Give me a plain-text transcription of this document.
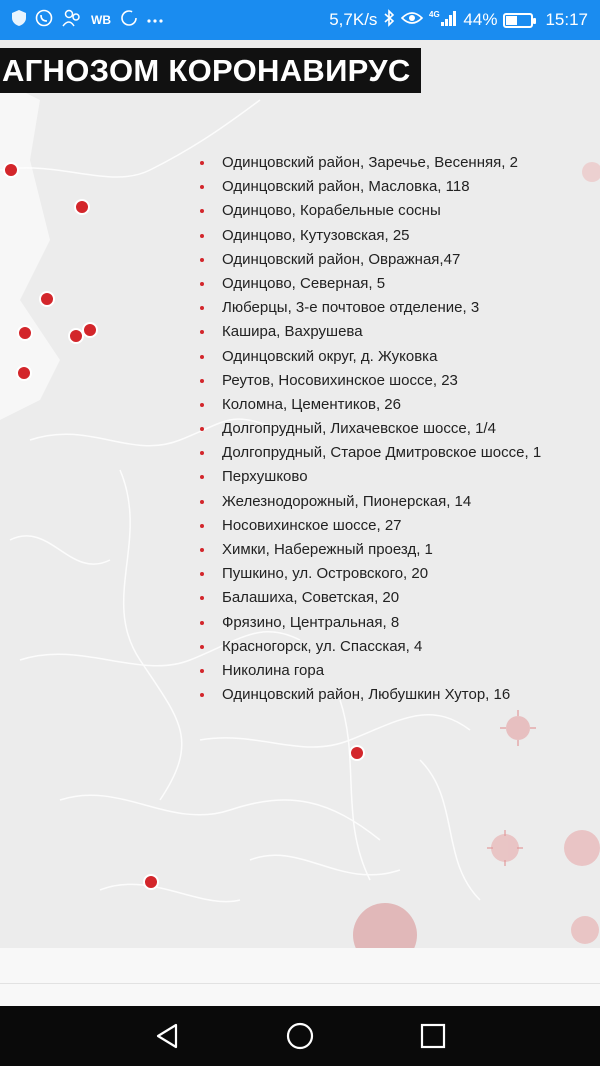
WB	5,7K/s	4G 44%	15:17
АГНОЗОМ КОРОНАВИРУС
Одинцовский район, Заречье, Весенняя, 2
Одинцовский район, Масловка, 118
Одинцово, Корабельные сосны
Одинцово, Кутузовская, 25
Одинцовский район, Овражная,47
Одинцово, Северная, 5
Люберцы, 3-е почтовое отделение, 3
Кашира, Вахрушева
Одинцовский округ, д. Жуковка
Реутов, Носовихинское шоссе, 23
Коломна, Цементиков, 26
Долгопрудный, Лихачевское шоссе, 1/4
Долгопрудный, Старое Дмитровское шоссе, 1
Перхушково
Железнодорожный, Пионерская, 14
Носовихинское шоссе, 27
Химки, Набережный проезд, 1
Пушкино, ул. Островского, 20
Балашиха, Советская, 20
Фрязино, Центральная, 8
Красногорск, ул. Спасская, 4
Николина гора
Одинцовский район, Любушкин Хутор, 16
